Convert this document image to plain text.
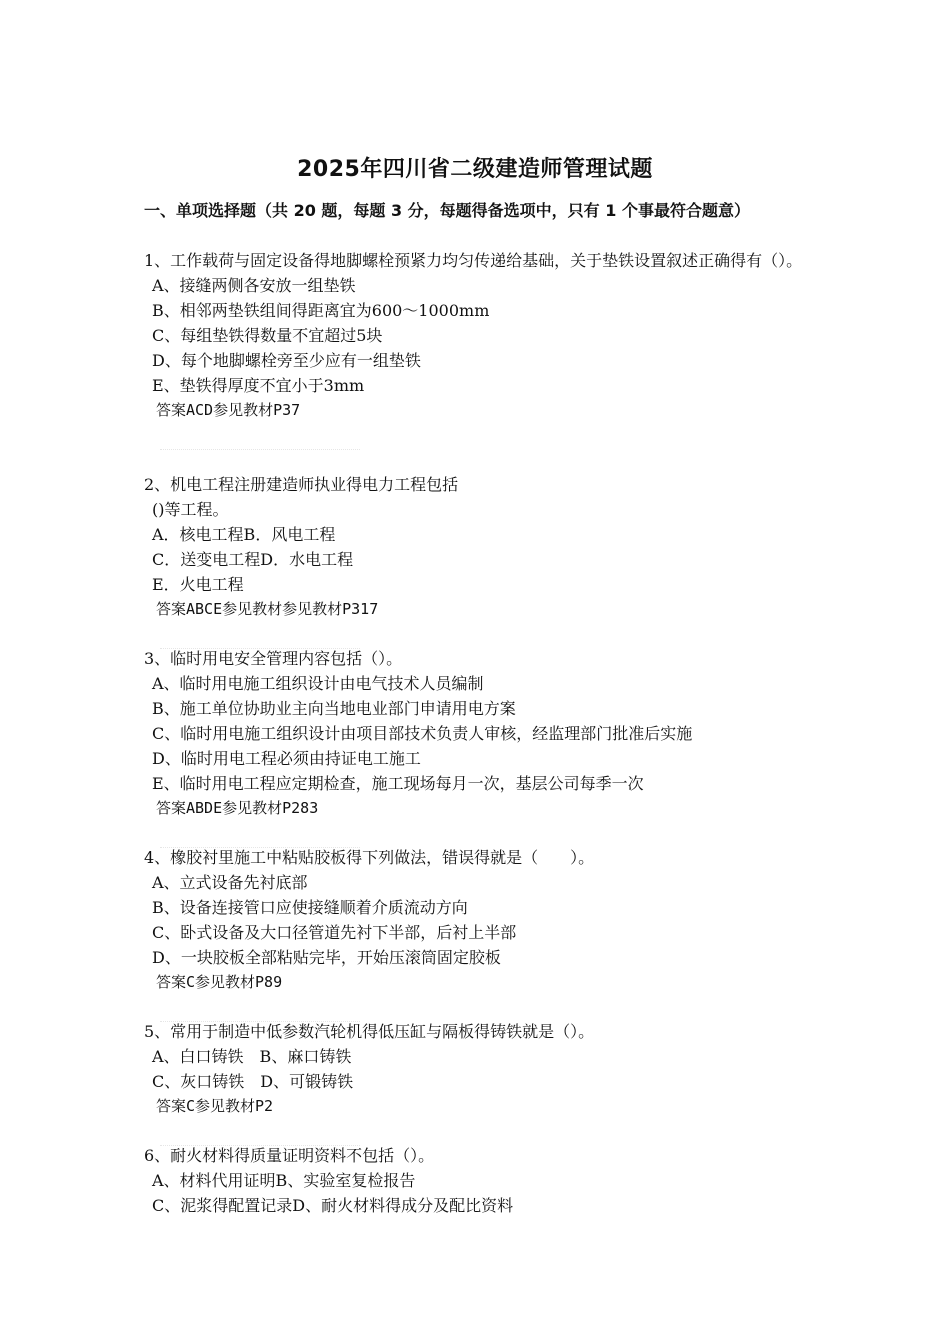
2025年四川省二级建造师管理试题
一、单项选择题（共 20 题，每题 3 分，每题得备选项中，只有 1 个事最符合题意）
1、工作载荷与固定设备得地脚螺栓预紧力均匀传递给基础，关于垫铁设置叙述正确得有（）。
A、接缝两侧各安放一组垫铁
B、相邻两垫铁组间得距离宜为600～1000mm
C、每组垫铁得数量不宜超过5块
D、每个地脚螺栓旁至少应有一组垫铁
E、垫铁得厚度不宜小于3mm
答案ACD参见教材P37
2、机电工程注册建造师执业得电力工程包括
()等工程。
A．核电工程B．风电工程
C．送变电工程D．水电工程
E．火电工程
答案ABCE参见教材参见教材P317
3、临时用电安全管理内容包括（）。
A、临时用电施工组织设计由电气技术人员编制
B、施工单位协助业主向当地电业部门申请用电方案
C、临时用电施工组织设计由项目部技术负责人审核，经监理部门批准后实施
D、临时用电工程必须由持证电工施工
E、临时用电工程应定期检查，施工现场每月一次，基层公司每季一次
答案ABDE参见教材P283
4、橡胶衬里施工中粘贴胶板得下列做法，错误得就是（　　）。
A、立式设备先衬底部
B、设备连接管口应使接缝顺着介质流动方向
C、卧式设备及大口径管道先衬下半部，后衬上半部
D、一块胶板全部粘贴完毕，开始压滚筒固定胶板
答案C参见教材P89
5、常用于制造中低参数汽轮机得低压缸与隔板得铸铁就是（）。
A、白口铸铁　B、麻口铸铁
C、灰口铸铁　D、可锻铸铁
答案C参见教材P2
6、耐火材料得质量证明资料不包括（）。
A、材料代用证明B、实验室复检报告
C、泥浆得配置记录D、耐火材料得成分及配比资料
